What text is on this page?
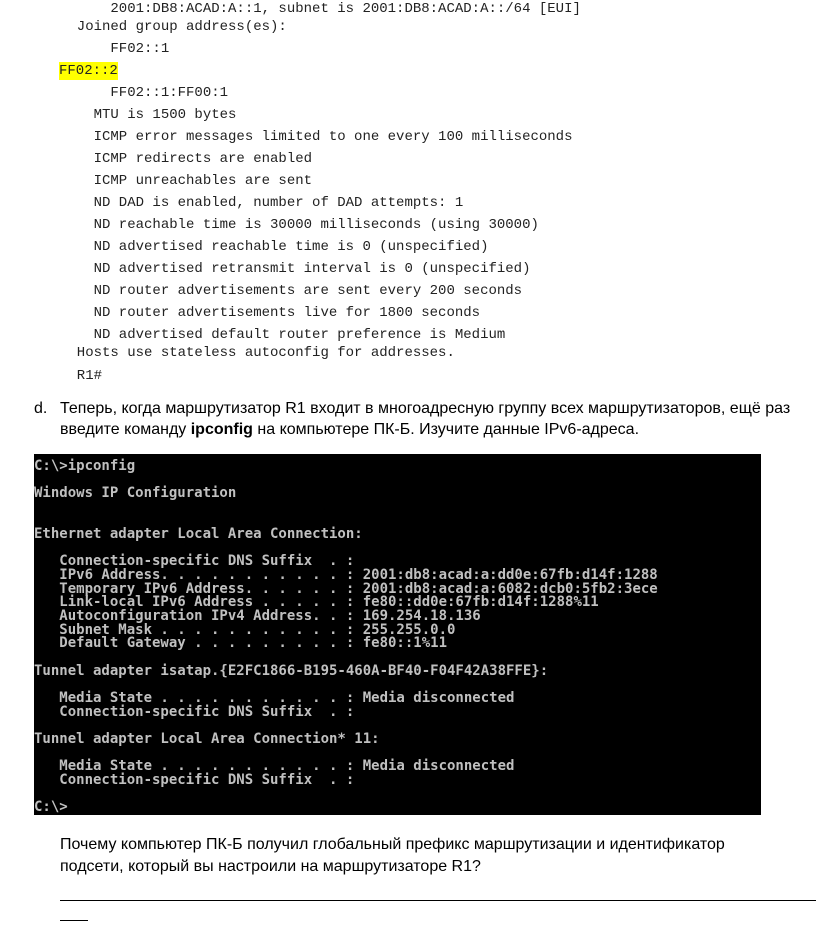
2001:DB8:ACAD:A::1, subnet is 2001:DB8:ACAD:A::/64 [EUI]
Joined group address(es):
FF02::1
FF02::2
FF02::1:FF00:1
MTU is 1500 bytes
ICMP error messages limited to one every 100 milliseconds
ICMP redirects are enabled
ICMP unreachables are sent
ND DAD is enabled, number of DAD attempts: 1
ND reachable time is 30000 milliseconds (using 30000)
ND advertised reachable time is 0 (unspecified)
ND advertised retransmit interval is 0 (unspecified)
ND router advertisements are sent every 200 seconds
ND router advertisements live for 1800 seconds
ND advertised default router preference is Medium
Hosts use stateless autoconfig for addresses.
R1#
d. Теперь, когда маршрутизатор R1 входит в многоадресную группу всех маршрутизаторов, ещё раз введите команду ipconfig на компьютере ПК-Б. Изучите данные IPv6-адреса.
C:\>ipconfig
Windows IP Configuration
Ethernet adapter Local Area Connection:
Connection-specific DNS Suffix  . :
IPv6 Address. . . . . . . . . . . : 2001:db8:acad:a:dd0e:67fb:d14f:1288
Temporary IPv6 Address. . . . . . : 2001:db8:acad:a:6082:dcb0:5fb2:3ece
Link-local IPv6 Address . . . . . : fe80::dd0e:67fb:d14f:1288%11
Autoconfiguration IPv4 Address. . : 169.254.18.136
Subnet Mask . . . . . . . . . . . : 255.255.0.0
Default Gateway . . . . . . . . . : fe80::1%11
Tunnel adapter isatap.{E2FC1866-B195-460A-BF40-F04F42A38FFE}:
Media State . . . . . . . . . . . : Media disconnected
Connection-specific DNS Suffix  . :
Tunnel adapter Local Area Connection* 11:
Media State . . . . . . . . . . . : Media disconnected
Connection-specific DNS Suffix  . :
C:\>
Почему компьютер ПК-Б получил глобальный префикс маршрутизации и идентификатор подсети, который вы настроили на маршрутизаторе R1?
